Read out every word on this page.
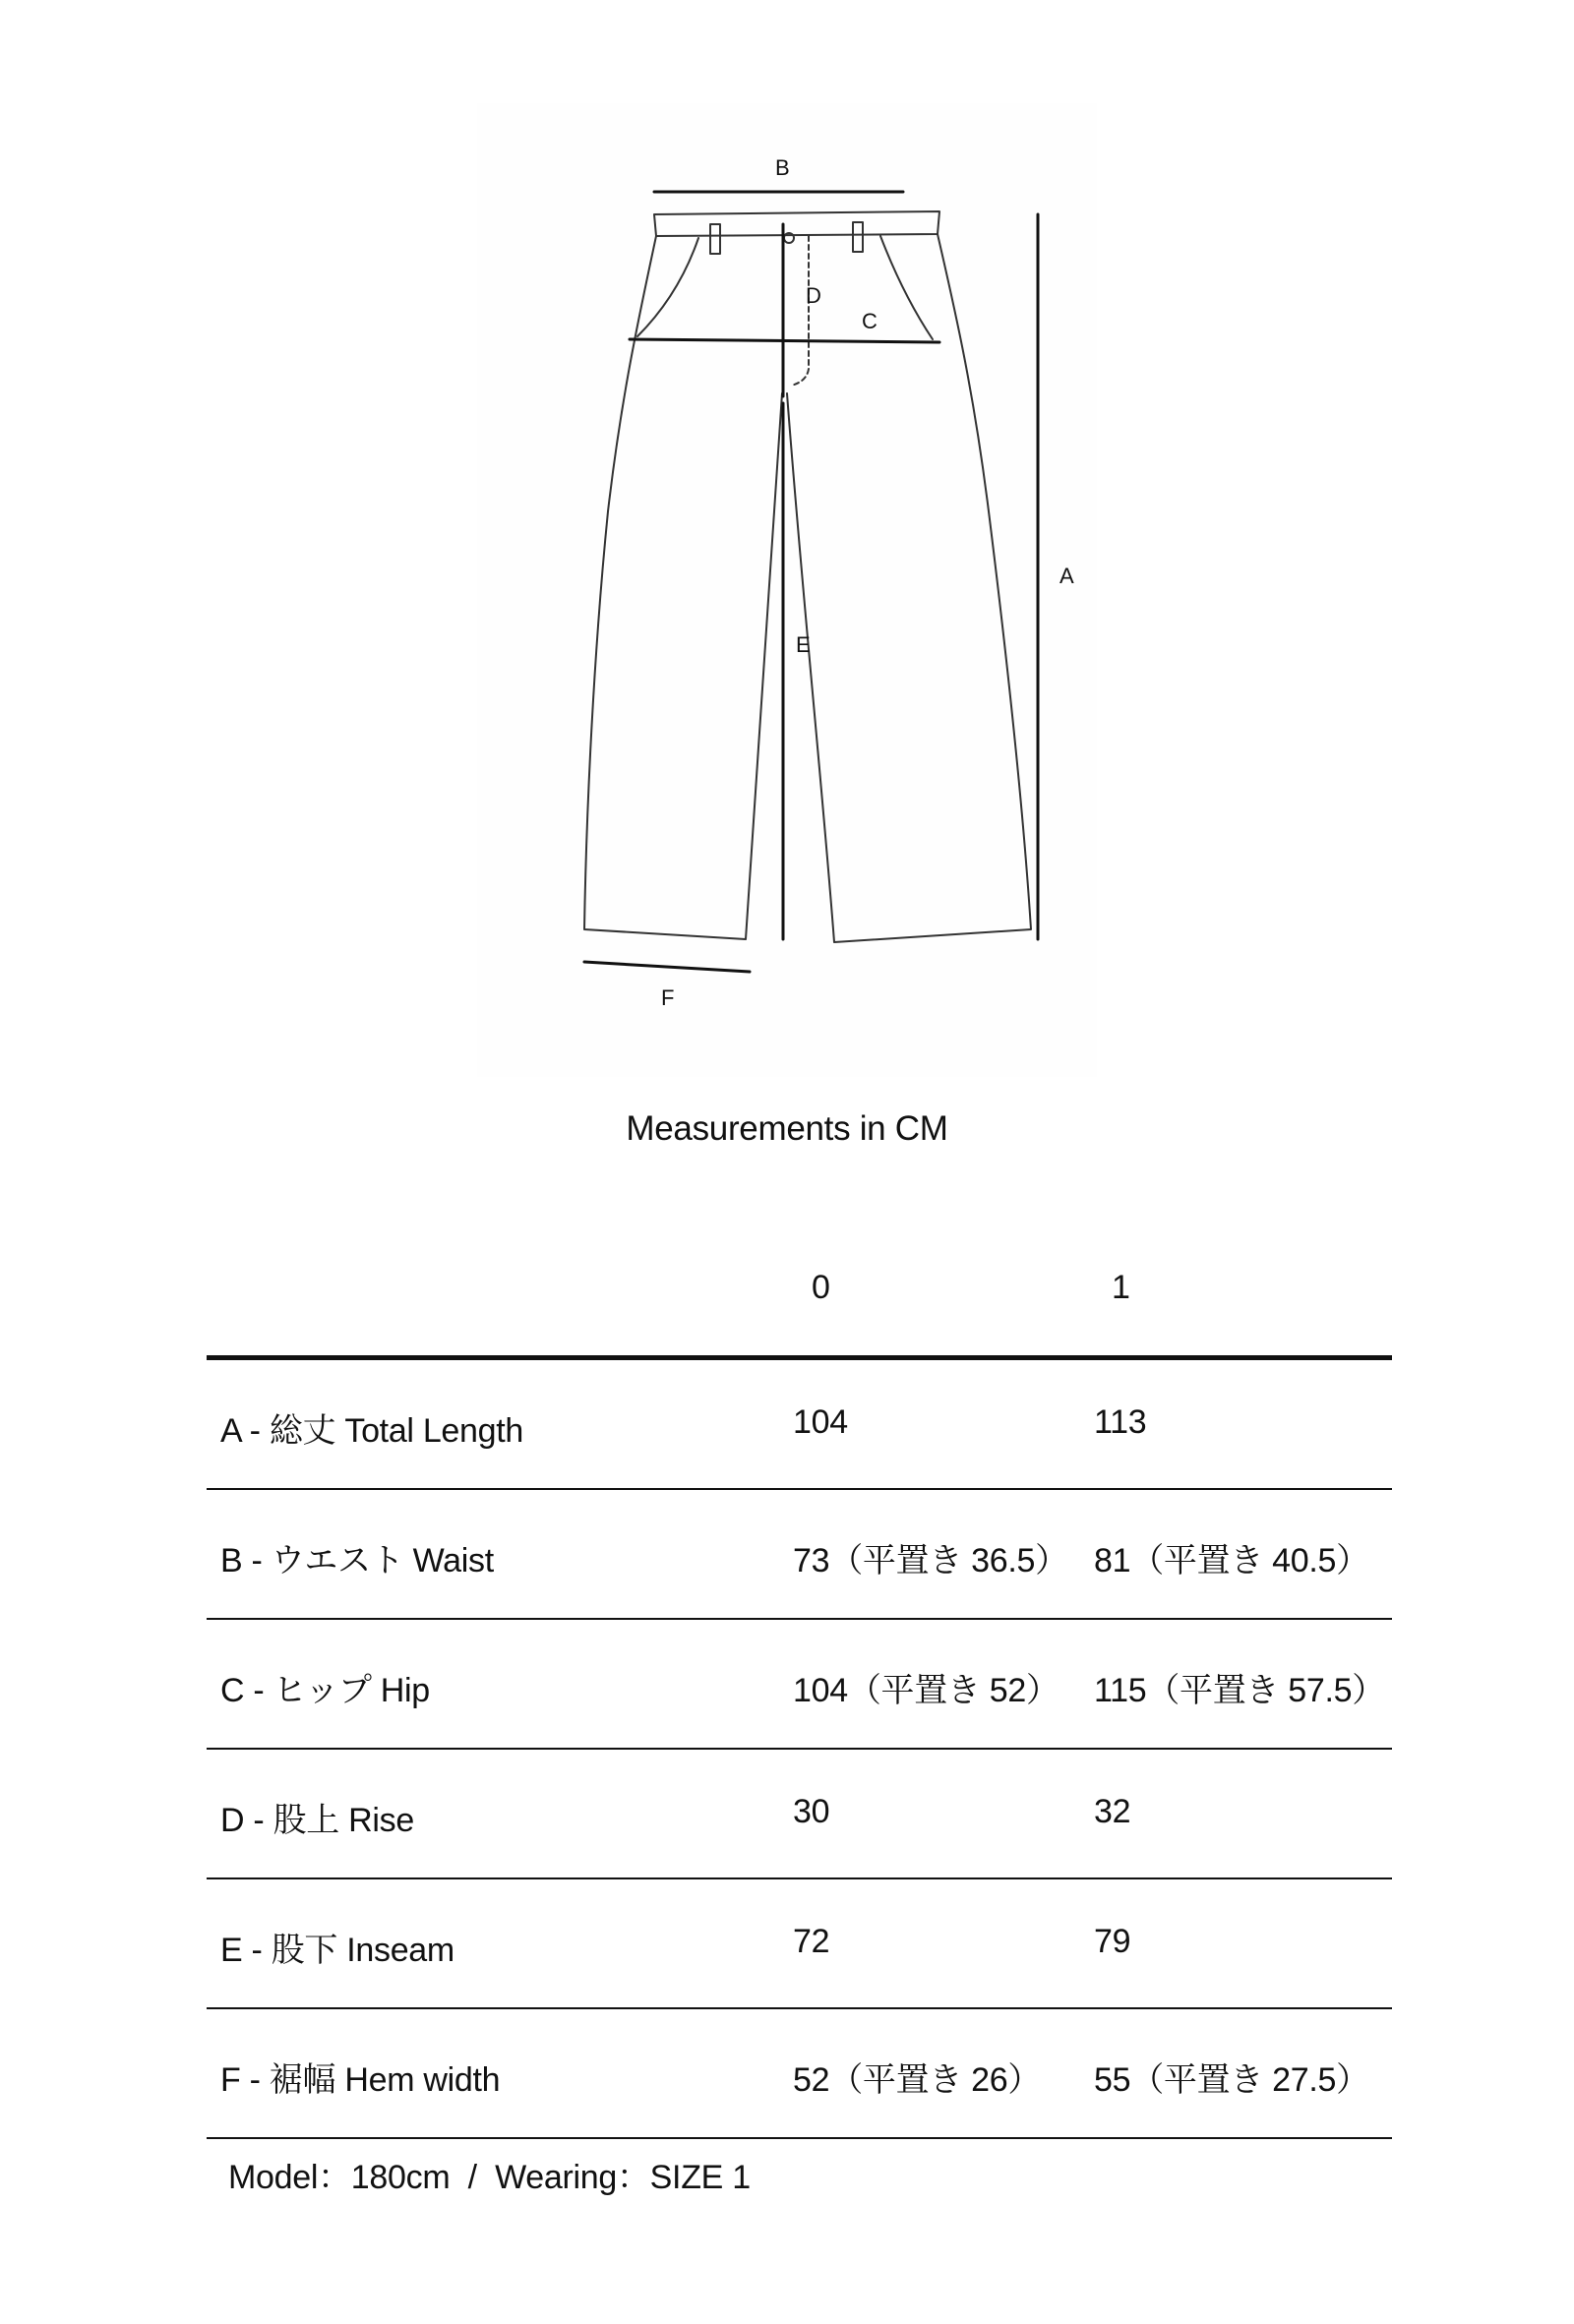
B
D
C
A
E
F
Measurements in CM
0	1
A - 総丈 Total Length	104	113
B - ウエスト Waist	73（平置き 36.5） 81（平置き 40.5）
C - ヒップ Hip	104（平置き 52） 115（平置き 57.5）
D - 股上 Rise	30	32
E - 股下 Inseam	72	79
F - 裾幅 Hem width	52（平置き 26） 55（平置き 27.5）
Model：180cm  /  Wearing：SIZE 1
